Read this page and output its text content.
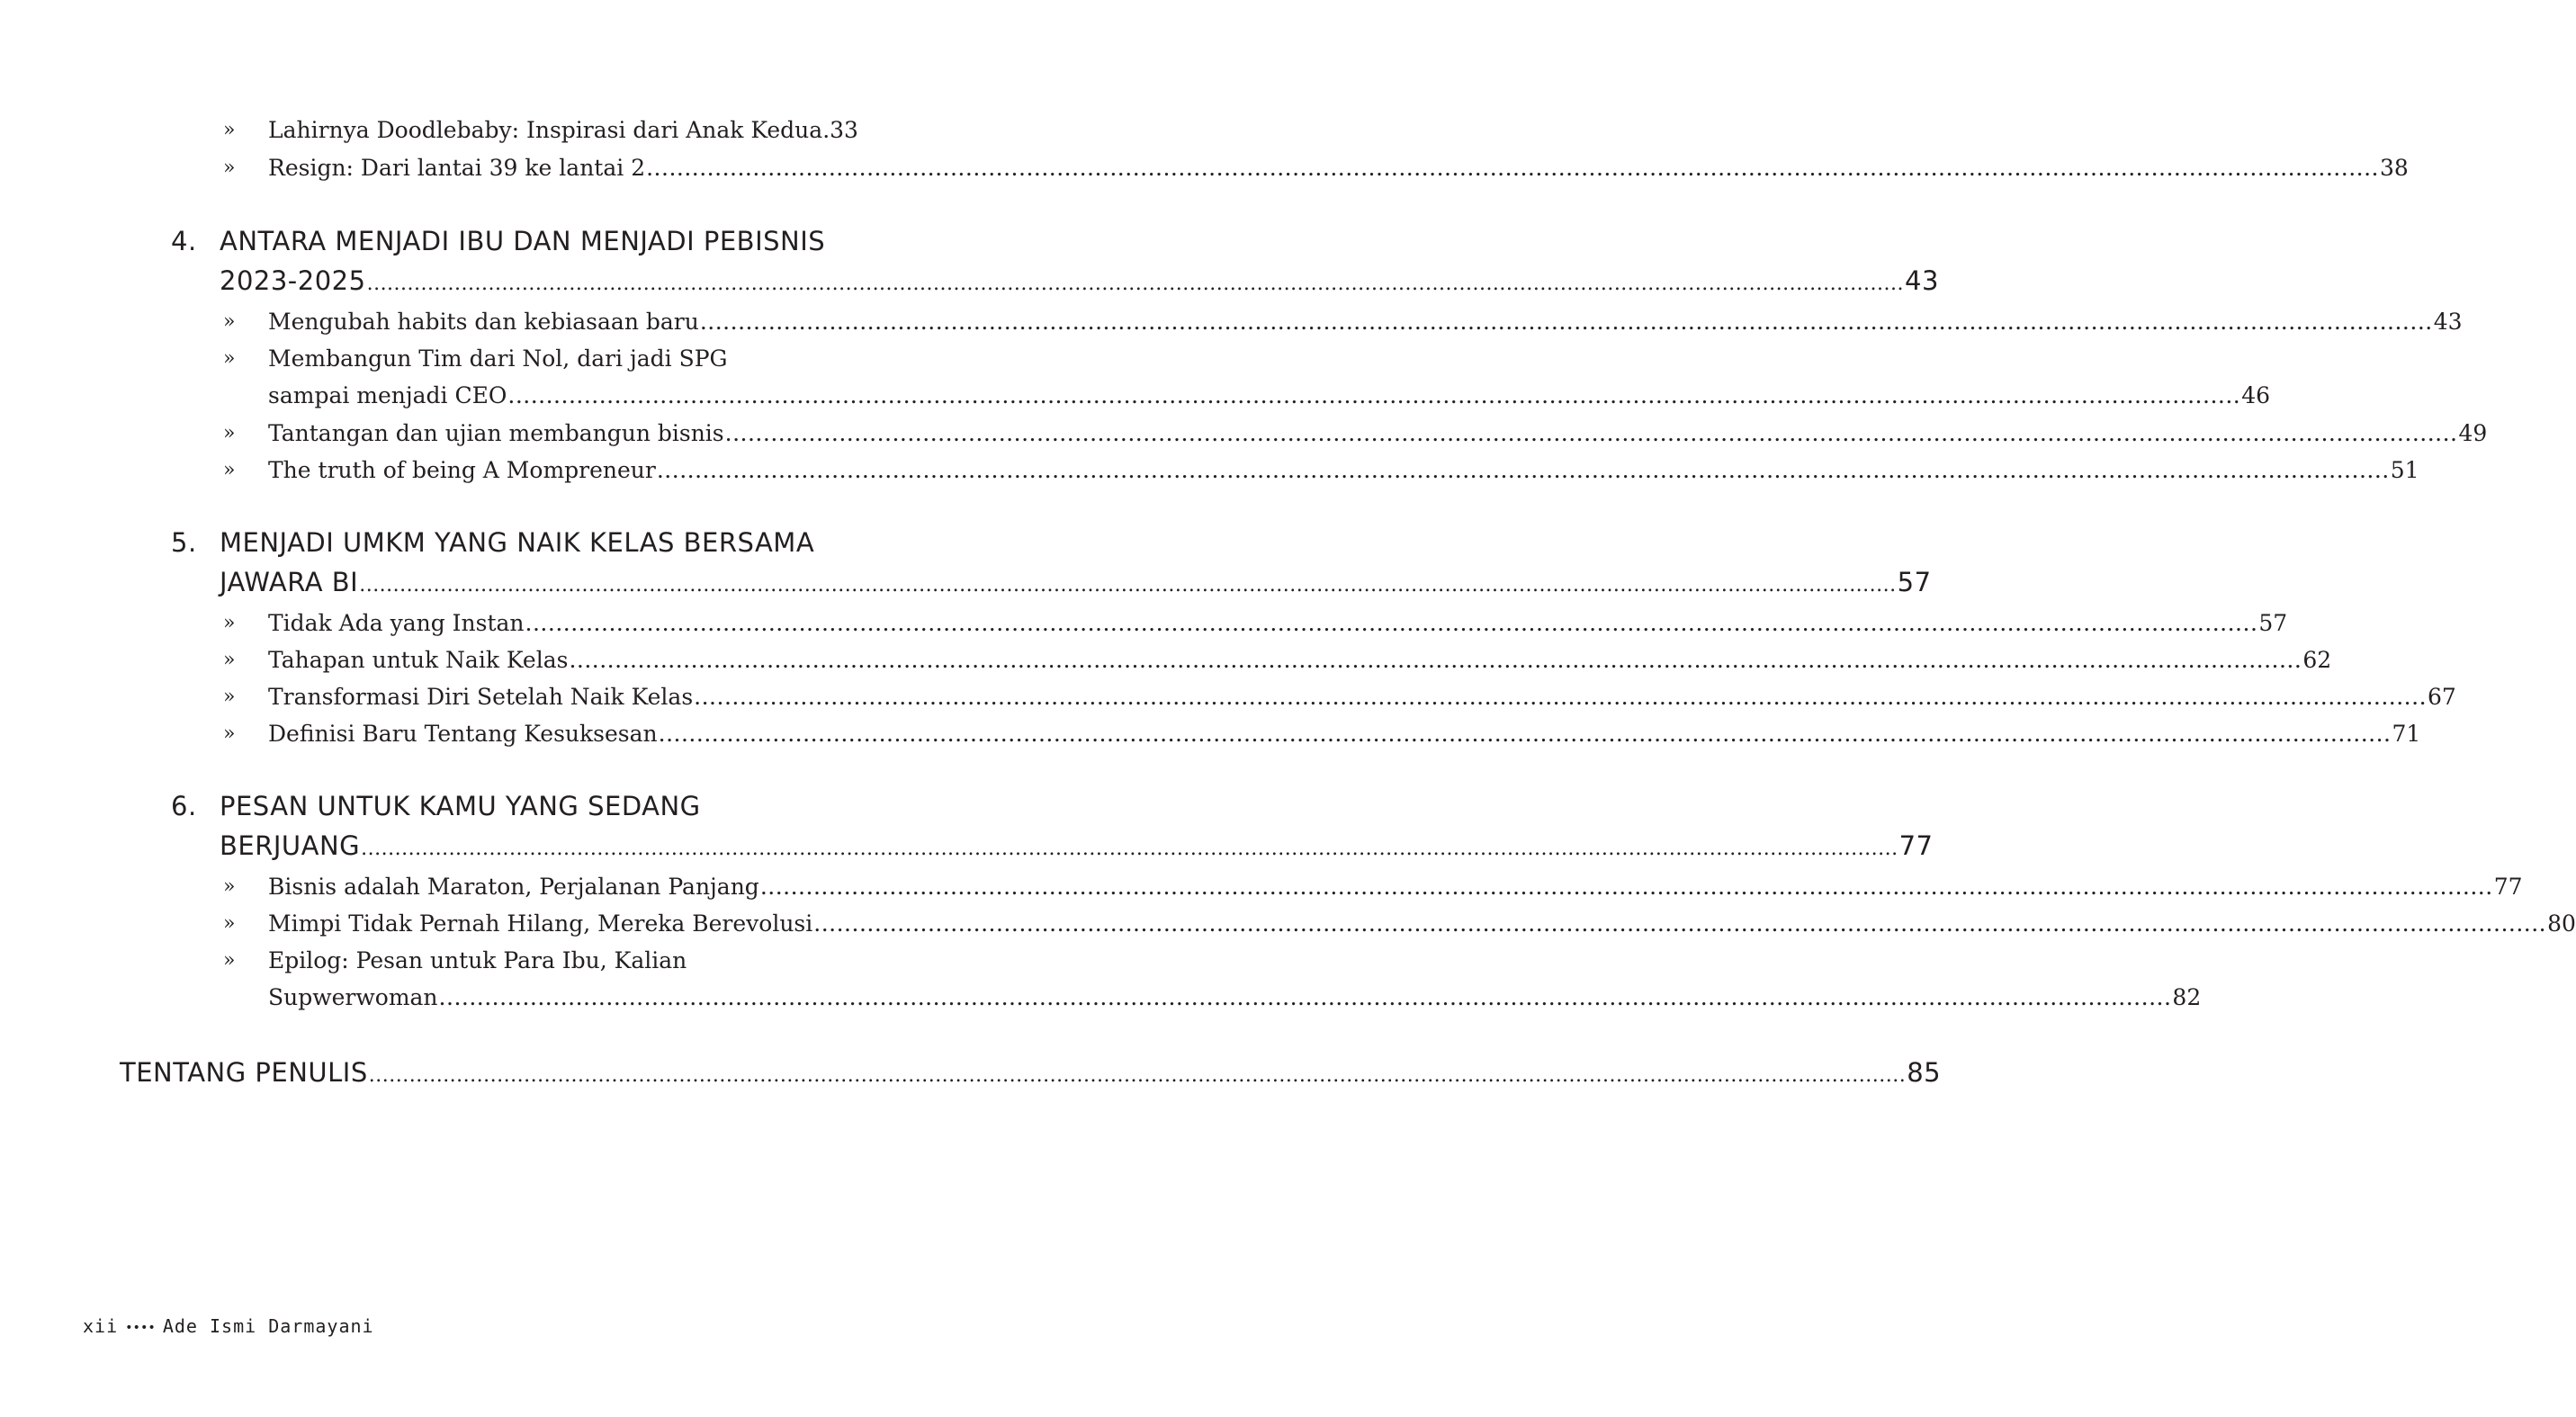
»	Lahirnya Doodlebaby: Inspirasi dari Anak Kedua .33
»	Resign: Dari lantai 39 ke lantai 2 .....	38
4. ANTARA MENJADI IBU DAN MENJADI PEBISNIS
2023-2025 .....	43
»	Mengubah habits dan kebiasaan baru .....	43
»	Membangun Tim dari Nol, dari jadi SPG
sampai menjadi CEO .....	46
»	Tantangan dan ujian membangun bisnis .....	49
»	The truth of being A Mompreneur .....	51
5. MENJADI UMKM YANG NAIK KELAS BERSAMA
JAWARA BI .....	57
»	Tidak Ada yang Instan .....	57
»	Tahapan untuk Naik Kelas .....	62
»	Transformasi Diri Setelah Naik Kelas .....	67
»	Definisi Baru Tentang Kesuksesan .....	71
6. PESAN UNTUK KAMU YANG SEDANG
BERJUANG .....	77
»	Bisnis adalah Maraton, Perjalanan Panjang .....	77
»	Mimpi Tidak Pernah Hilang, Mereka Berevolusi .....	80
»	Epilog: Pesan untuk Para Ibu, Kalian
Supwerwoman .....	82
TENTANG PENULIS .....	85
xii •••• Ade Ismi Darmayani
